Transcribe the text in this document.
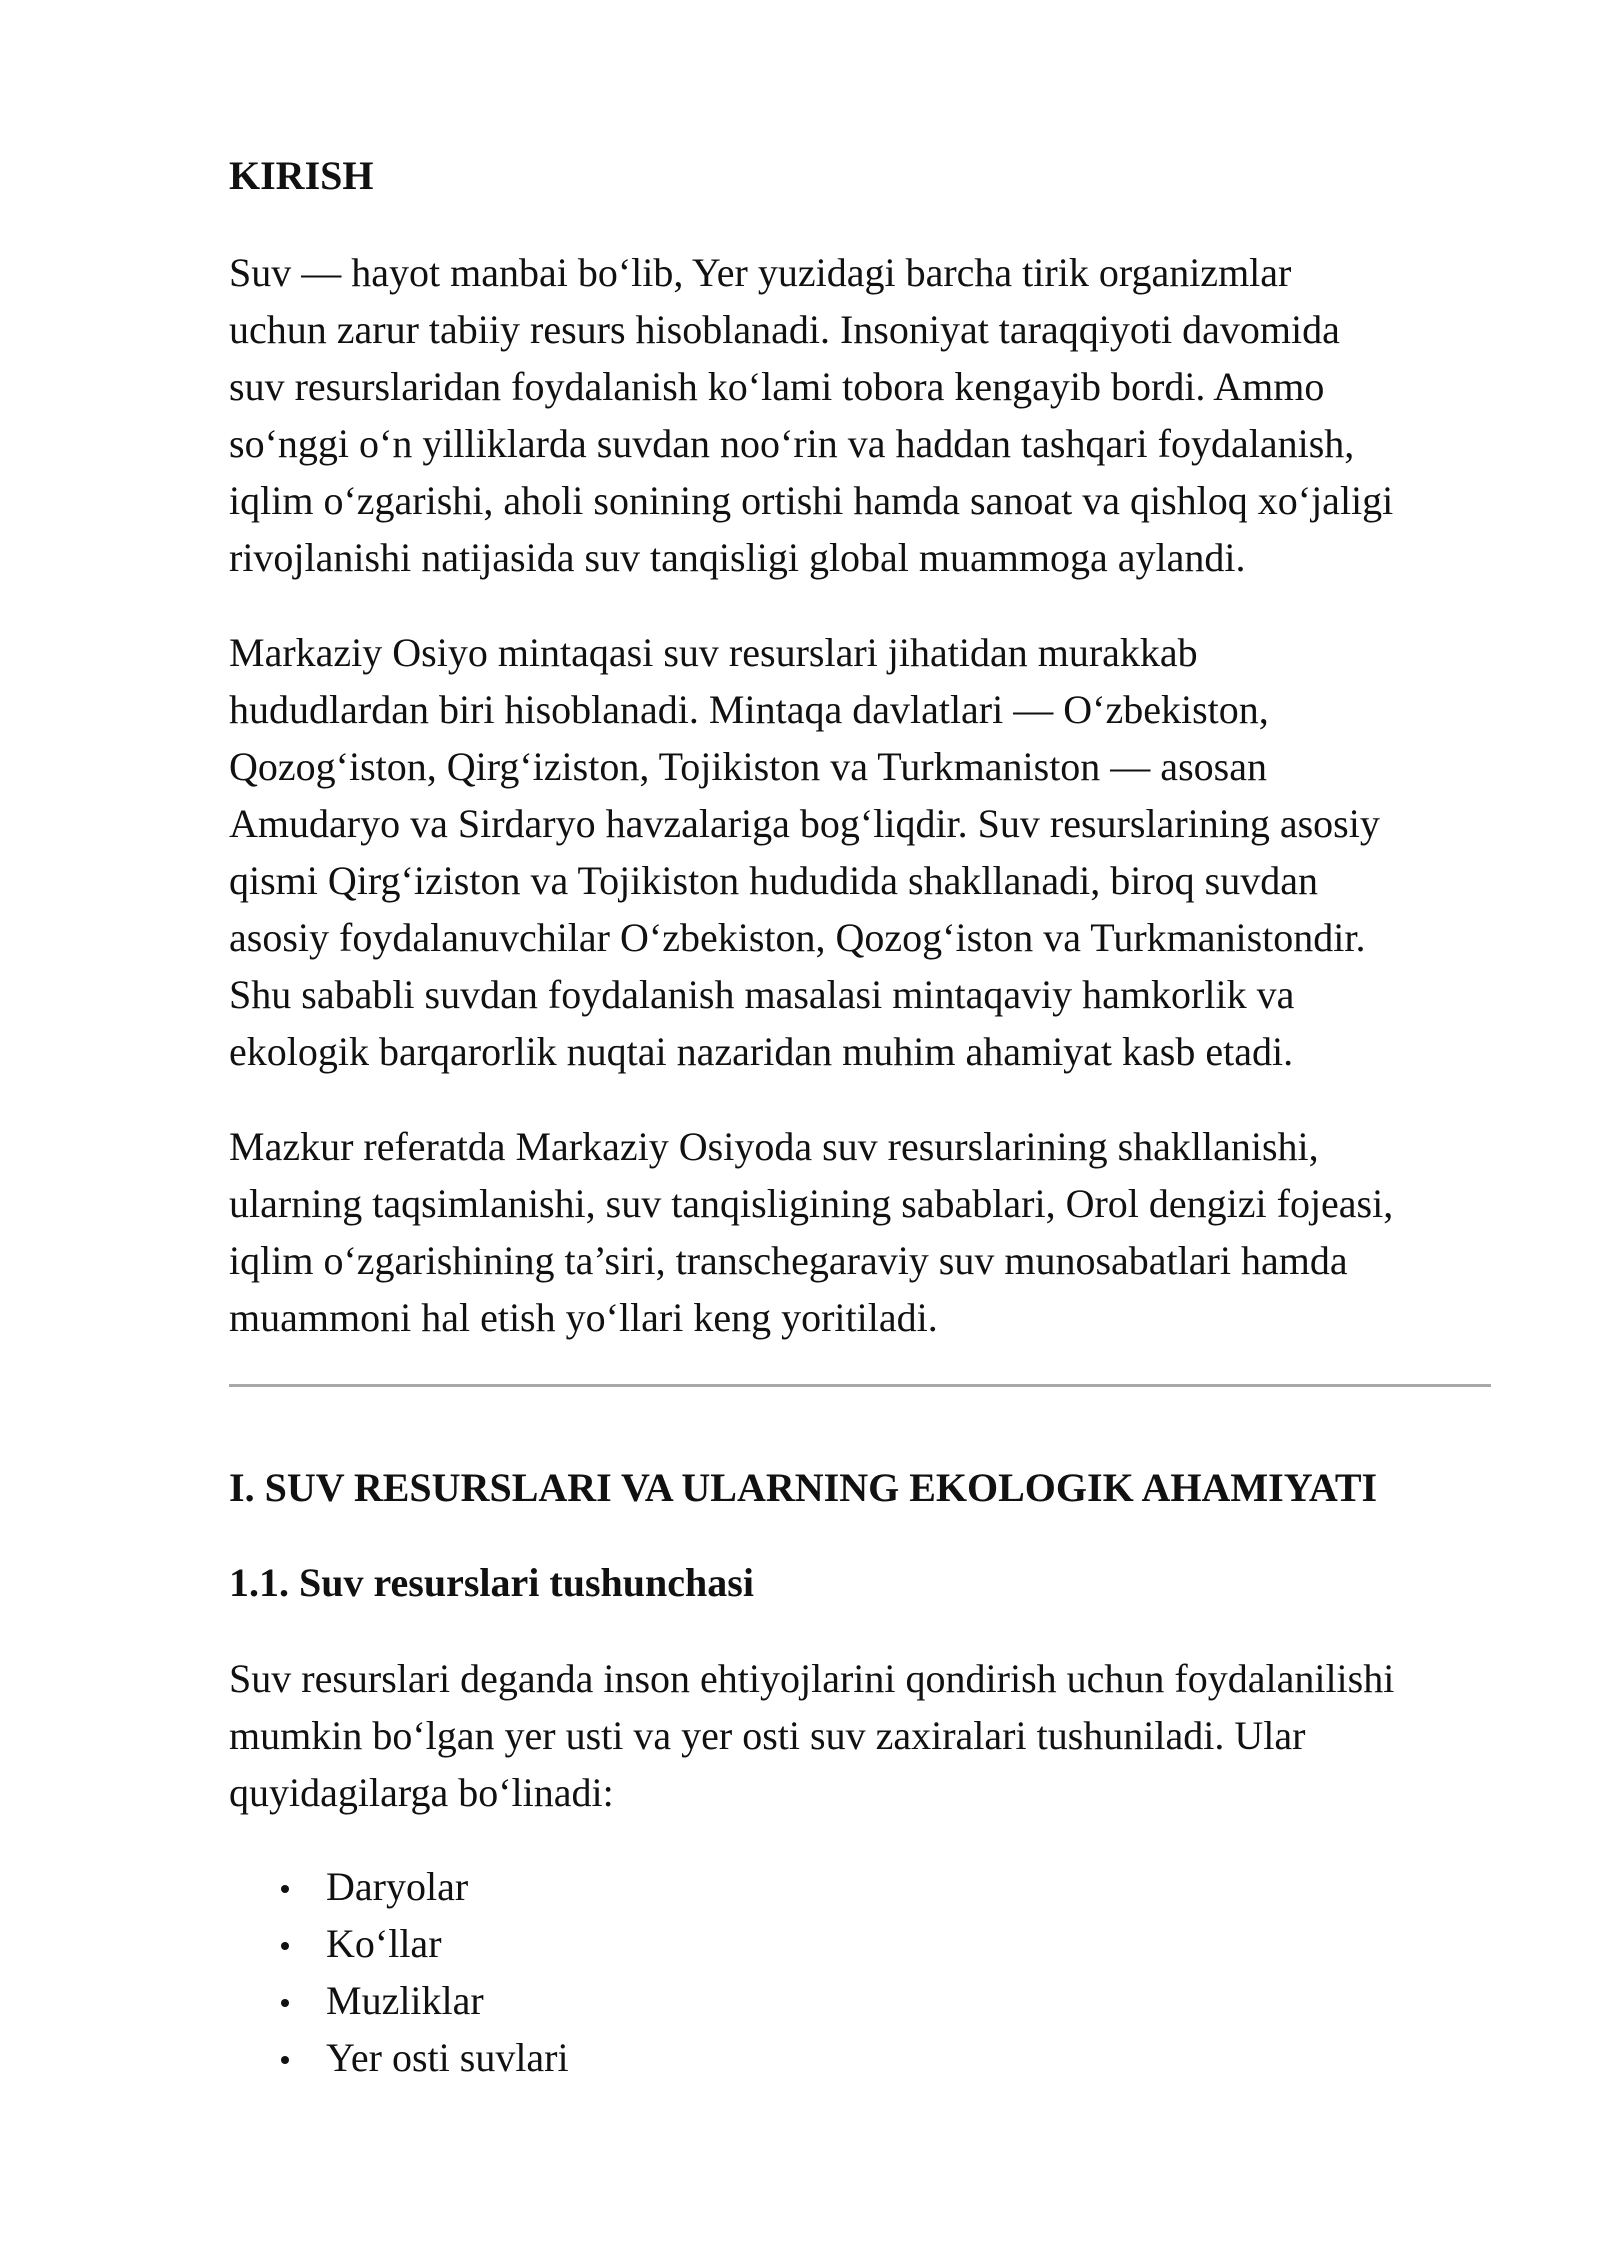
KIRISH
Suv — hayot manbai bo‘lib, Yer yuzidagi barcha tirik organizmlar
uchun zarur tabiiy resurs hisoblanadi. Insoniyat taraqqiyoti davomida
suv resurslaridan foydalanish ko‘lami tobora kengayib bordi. Ammo
so‘nggi o‘n yilliklarda suvdan noo‘rin va haddan tashqari foydalanish,
iqlim o‘zgarishi, aholi sonining ortishi hamda sanoat va qishloq xo‘jaligi
rivojlanishi natijasida suv tanqisligi global muammoga aylandi.
Markaziy Osiyo mintaqasi suv resurslari jihatidan murakkab
hududlardan biri hisoblanadi. Mintaqa davlatlari — O‘zbekiston,
Qozog‘iston, Qirg‘iziston, Tojikiston va Turkmaniston — asosan
Amudaryo va Sirdaryo havzalariga bog‘liqdir. Suv resurslarining asosiy
qismi Qirg‘iziston va Tojikiston hududida shakllanadi, biroq suvdan
asosiy foydalanuvchilar O‘zbekiston, Qozog‘iston va Turkmanistondir.
Shu sababli suvdan foydalanish masalasi mintaqaviy hamkorlik va
ekologik barqarorlik nuqtai nazaridan muhim ahamiyat kasb etadi.
Mazkur referatda Markaziy Osiyoda suv resurslarining shakllanishi,
ularning taqsimlanishi, suv tanqisligining sabablari, Orol dengizi fojeasi,
iqlim o‘zgarishining ta’siri, transchegaraviy suv munosabatlari hamda
muammoni hal etish yo‘llari keng yoritiladi.
I. SUV RESURSLARI VA ULARNING EKOLOGIK AHAMIYATI
1.1. Suv resurslari tushunchasi
Suv resurslari deganda inson ehtiyojlarini qondirish uchun foydalanilishi
mumkin bo‘lgan yer usti va yer osti suv zaxiralari tushuniladi. Ular
quyidagilarga bo‘linadi:
Daryolar
Ko‘llar
Muzliklar
Yer osti suvlari
